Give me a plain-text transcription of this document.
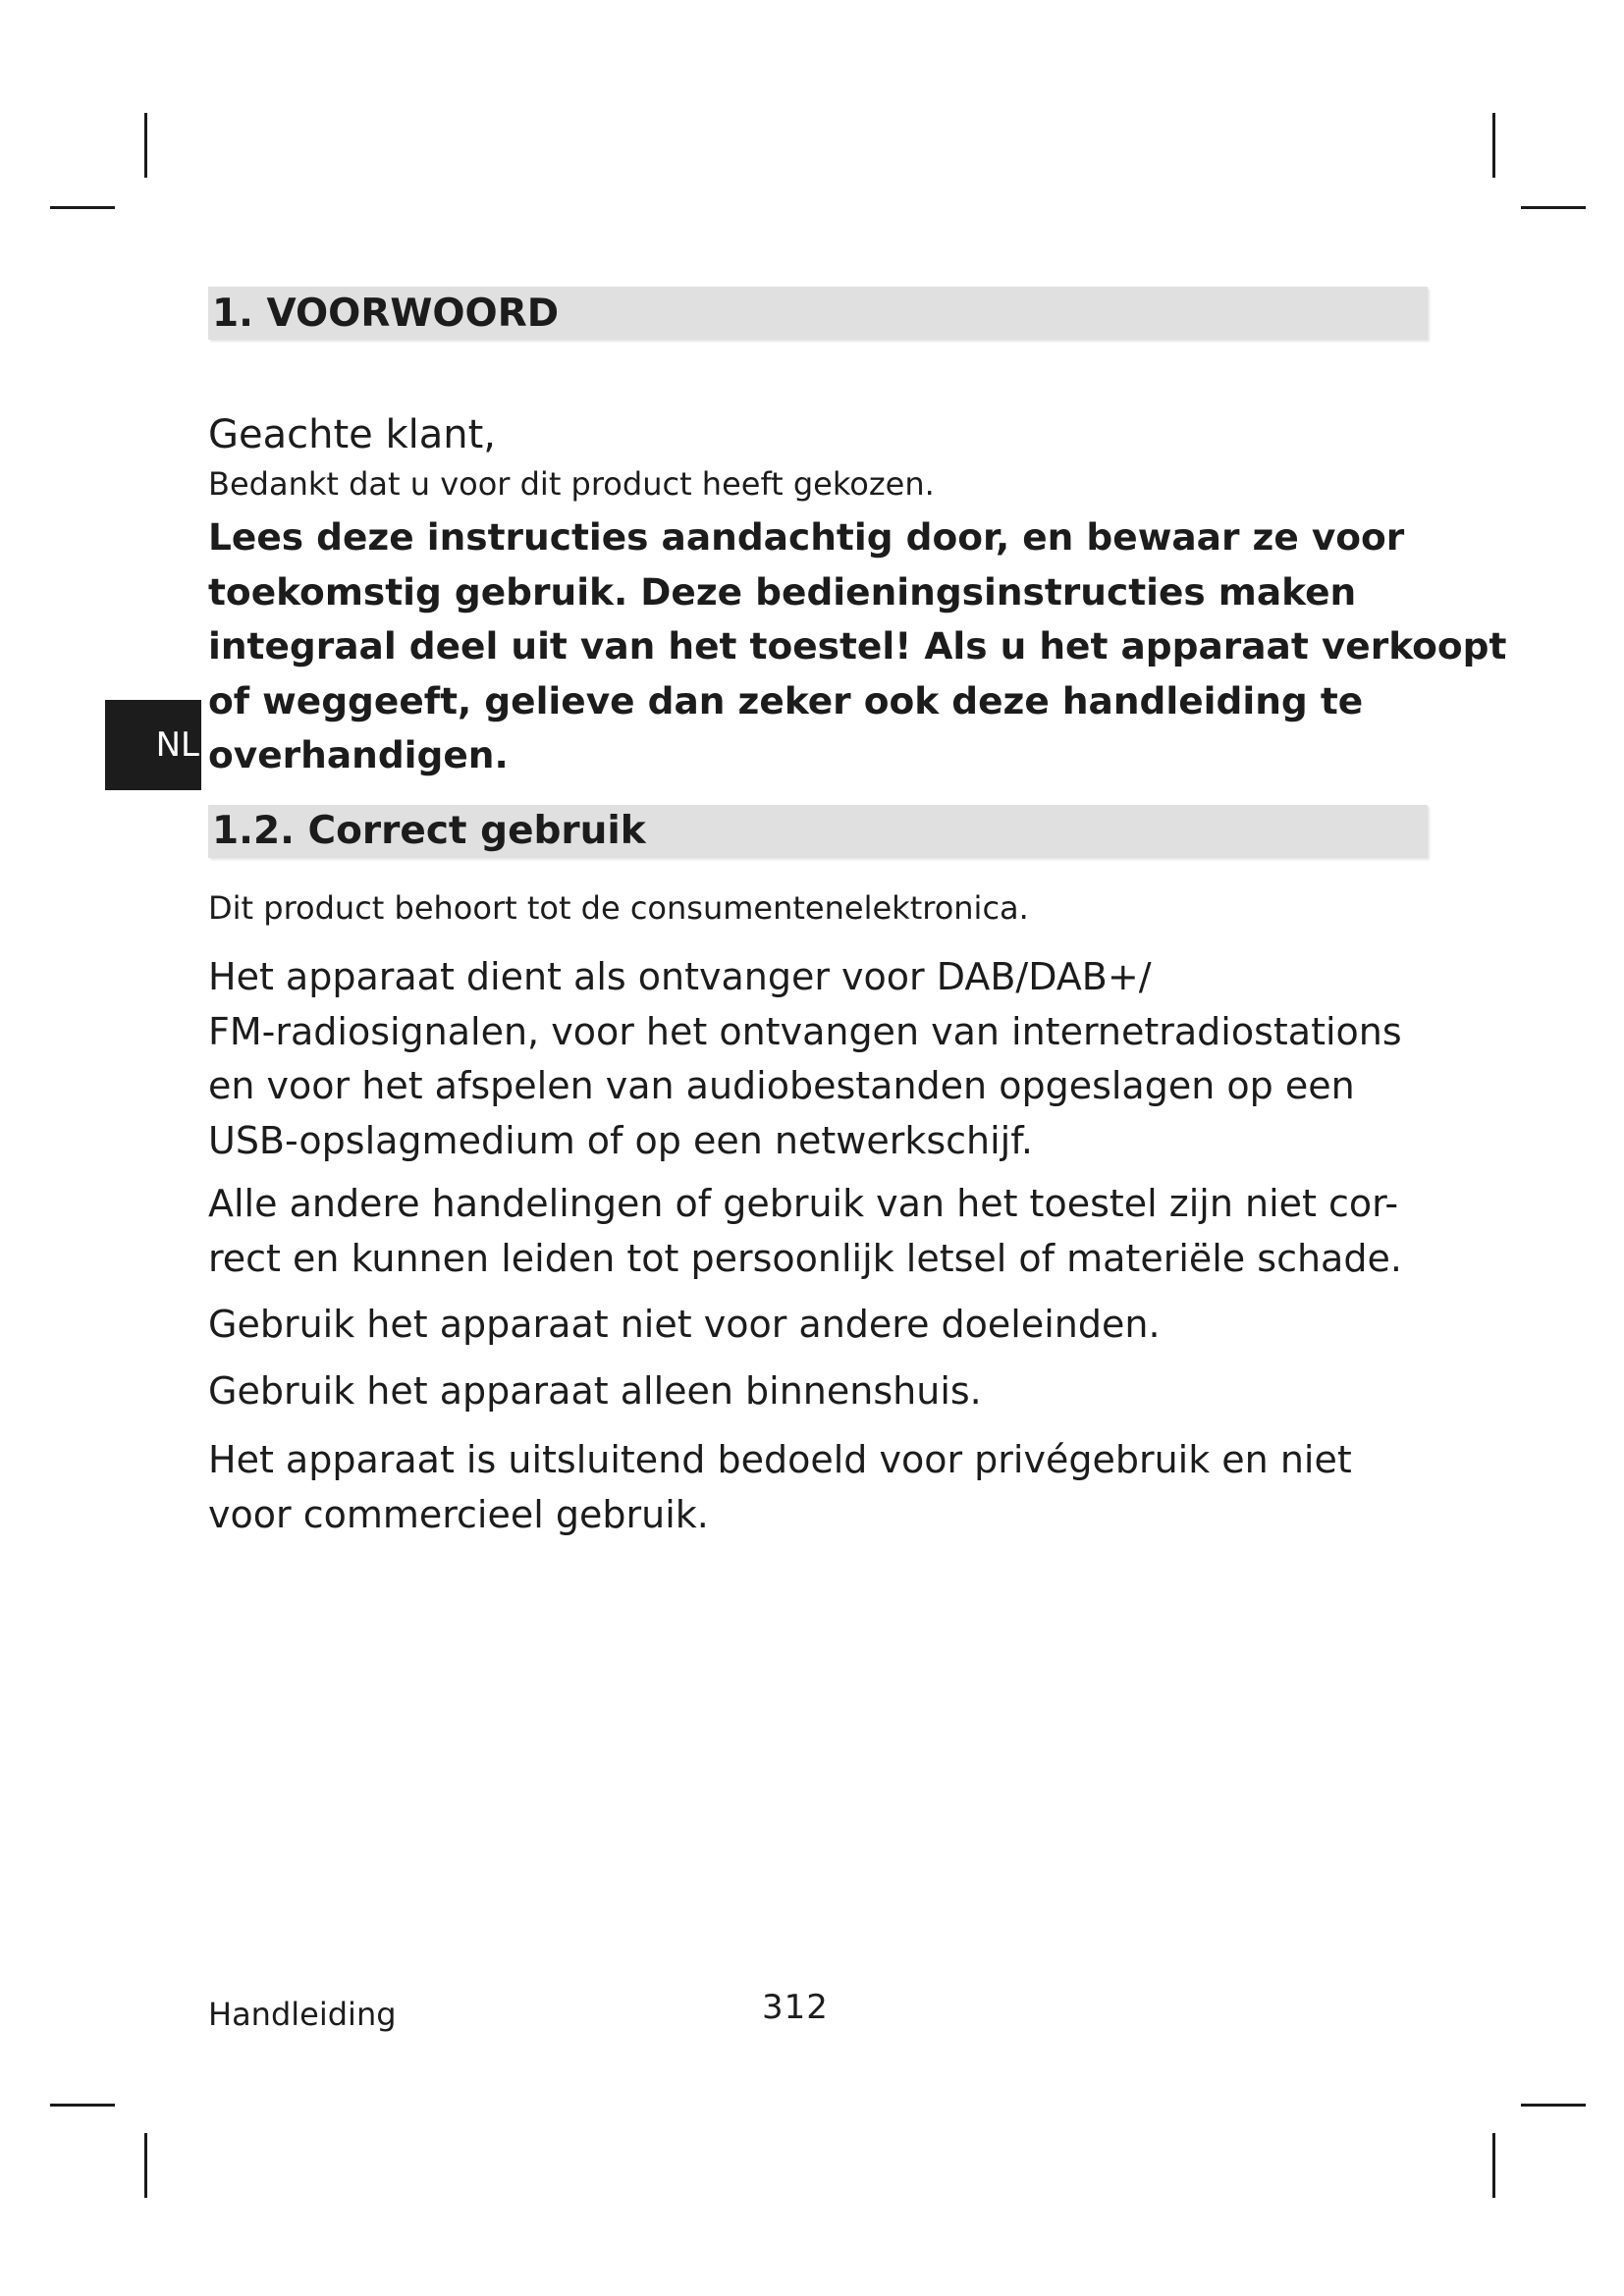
1. VOORWOORD

Geachte klant,

Bedankt dat u voor dit product heeft gekozen.

Lees deze instructies aandachtig door, en bewaar ze voor
toekomstig gebruik. Deze bedieningsinstructies maken
integraal deel uit van het toestel! Als u het apparaat verkoopt
of weggeeft, gelieve dan zeker ook deze handleiding te
overhandigen.
NL
1.2. Correct gebruik

Dit product behoort tot de consumentenelektronica.

Het apparaat dient als ontvanger voor DAB/DAB+/
FM-radiosignalen, voor het ontvangen van internetradiostations
en voor het afspelen van audiobestanden opgeslagen op een
USB-opslagmedium of op een netwerkschijf.
Alle andere handelingen of gebruik van het toestel zijn niet cor-
rect en kunnen leiden tot persoonlijk letsel of materiële schade.
Gebruik het apparaat niet voor andere doeleinden.
Gebruik het apparaat alleen binnenshuis.
Het apparaat is uitsluitend bedoeld voor privégebruik en niet
voor commercieel gebruik.
Handleiding	312
